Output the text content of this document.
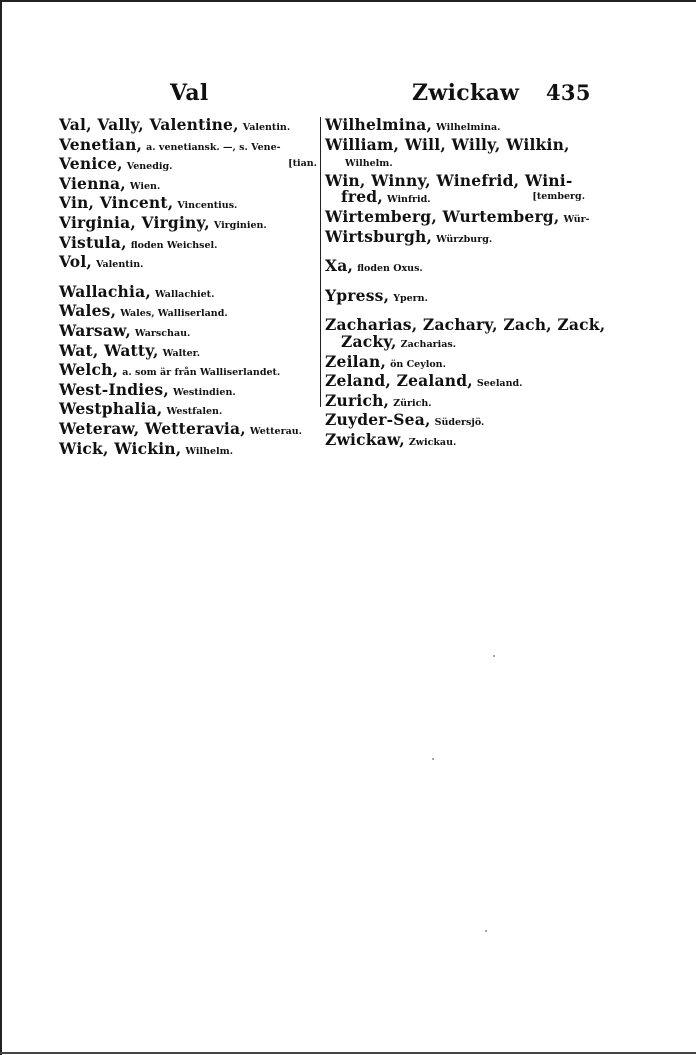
Val	Zwickaw 435
Val, Vally, Valentine, Valentin.
Venetian, a. venetiansk. —, s. Vene-
Venice, Venedig.	[tian.
Vienna, Wien.
Vin, Vincent, Vincentius.
Virginia, Virginy, Virginien.
Vistula, floden Weichsel.
Vol, Valentin.
Wallachia, Wallachiet.
Wales, Wales, Walliserland.
Warsaw, Warschau.
Wat, Watty, Walter.
Welch, a. som är från Walliserlandet.
West-Indies, Westindien.
Westphalia, Westfalen.
Weteraw, Wetteravia, Wetterau.
Wick, Wickin, Wilhelm.
Wilhelmina, Wilhelmina.
William, Will, Willy, Wilkin,
Wilhelm.
Win, Winny, Winefrid, Wini-
fred, Winfrid.	[temberg.
Wirtemberg, Wurtemberg, Wür-
Wirtsburgh, Würzburg.
Xa, floden Oxus.
Ypress, Ypern.
Zacharias, Zachary, Zach, Zack,
Zacky, Zacharias.
Zeilan, ön Ceylon.
Zeland, Zealand, Seeland.
Zurich, Zürich.
Zuyder-Sea, Südersjö.
Zwickaw, Zwickau.
